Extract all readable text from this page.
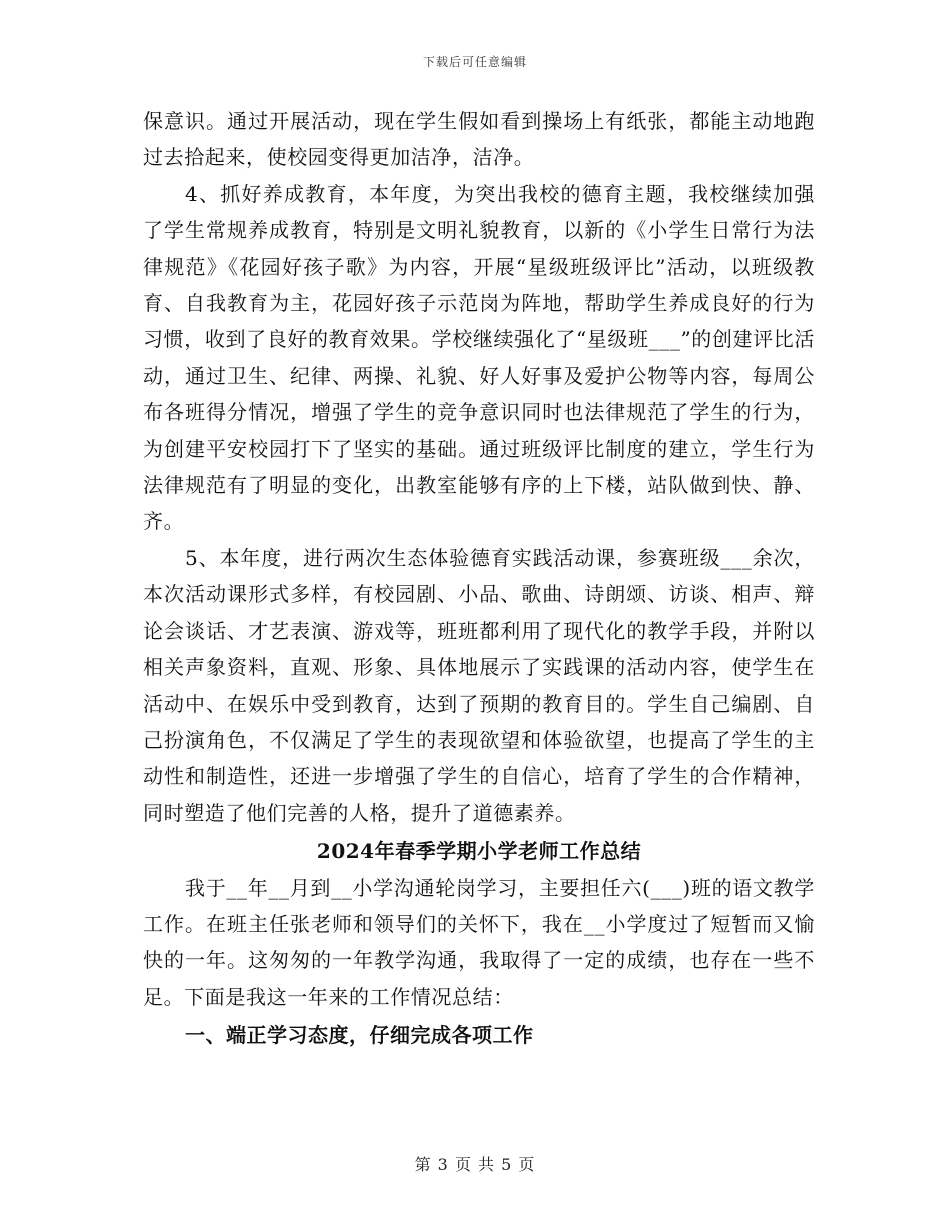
下载后可任意编辑

保意识。通过开展活动，现在学生假如看到操场上有纸张，都能主动地跑过去拾起来，使校园变得更加洁净，洁净。

4、抓好养成教育，本年度，为突出我校的德育主题，我校继续加强了学生常规养成教育，特别是文明礼貌教育，以新的《小学生日常行为法律规范》《花园好孩子歌》为内容，开展“星级班级评比”活动，以班级教育、自我教育为主，花园好孩子示范岗为阵地，帮助学生养成良好的行为习惯，收到了良好的教育效果。学校继续强化了“星级班___”的创建评比活动，通过卫生、纪律、两操、礼貌、好人好事及爱护公物等内容，每周公布各班得分情况，增强了学生的竞争意识同时也法律规范了学生的行为，为创建平安校园打下了坚实的基础。通过班级评比制度的建立，学生行为法律规范有了明显的变化，出教室能够有序的上下楼，站队做到快、静、齐。

5、本年度，进行两次生态体验德育实践活动课，参赛班级___余次，本次活动课形式多样，有校园剧、小品、歌曲、诗朗颂、访谈、相声、辩论会谈话、才艺表演、游戏等，班班都利用了现代化的教学手段，并附以相关声象资料，直观、形象、具体地展示了实践课的活动内容，使学生在活动中、在娱乐中受到教育，达到了预期的教育目的。学生自己编剧、自己扮演角色，不仅满足了学生的表现欲望和体验欲望，也提高了学生的主动性和制造性，还进一步增强了学生的自信心，培育了学生的合作精神，同时塑造了他们完善的人格，提升了道德素养。

2024年春季学期小学老师工作总结

我于__年__月到__小学沟通轮岗学习，主要担任六(___)班的语文教学工作。在班主任张老师和领导们的关怀下，我在__小学度过了短暂而又愉快的一年。这匆匆的一年教学沟通，我取得了一定的成绩，也存在一些不足。下面是我这一年来的工作情况总结：

一、端正学习态度，仔细完成各项工作

第 3 页 共 5 页
